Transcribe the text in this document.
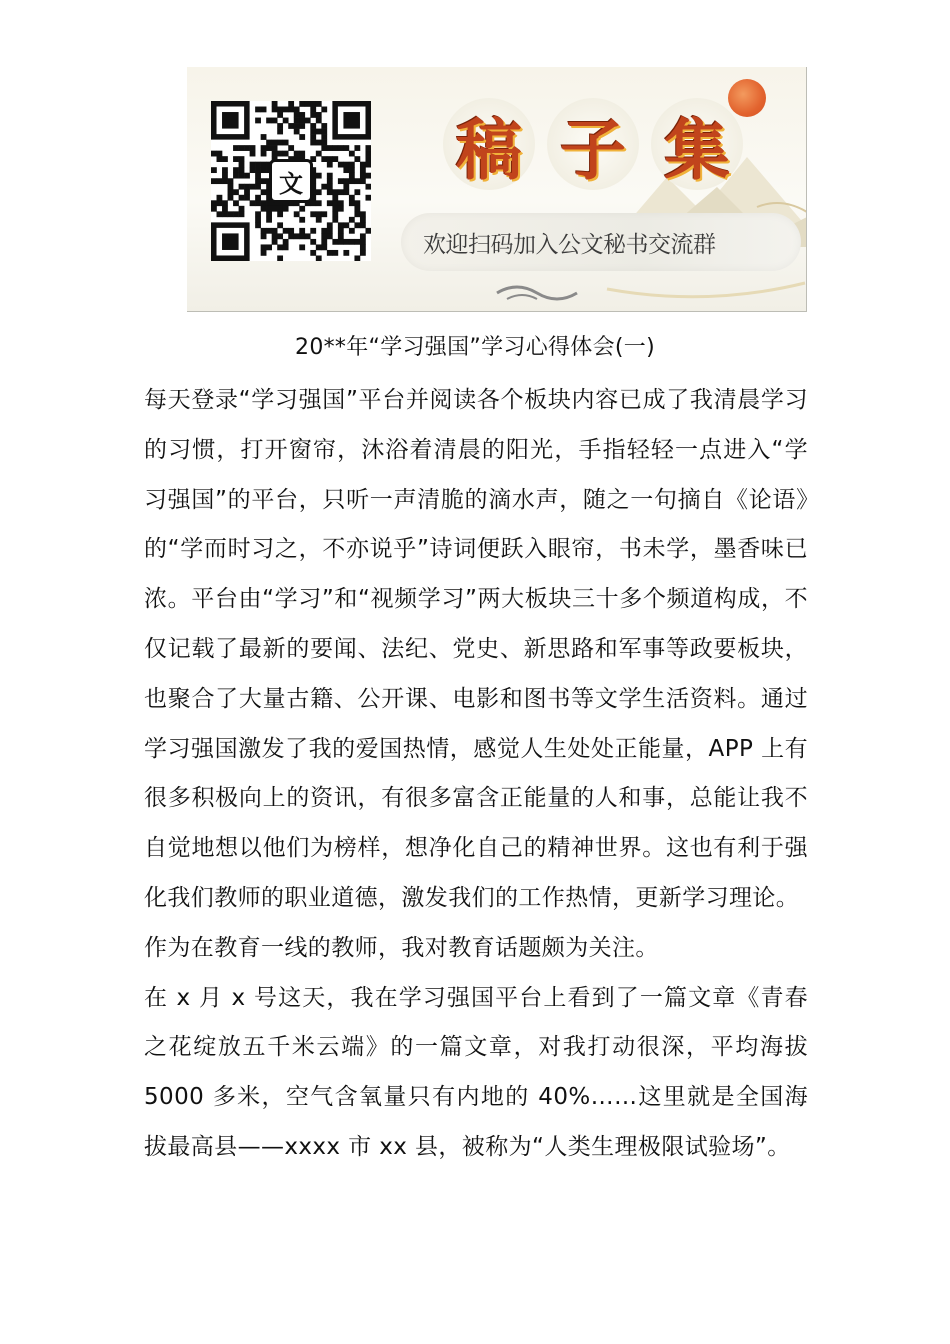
文 稿 子 集
欢迎扫码加入公文秘书交流群
20**年“学习强国”学习心得体会(一)

每天登录“学习强国”平台并阅读各个板块内容已成了我清晨学习的习惯，打开窗帘，沐浴着清晨的阳光，手指轻轻一点进入“学习强国”的平台，只听一声清脆的滴水声，随之一句摘自《论语》的“学而时习之，不亦说乎”诗词便跃入眼帘，书未学，墨香味已浓。平台由“学习”和“视频学习”两大板块三十多个频道构成，不仅记载了最新的要闻、法纪、党史、新思路和军事等政要板块，也聚合了大量古籍、公开课、电影和图书等文学生活资料。通过学习强国激发了我的爱国热情，感觉人生处处正能量，APP 上有很多积极向上的资讯，有很多富含正能量的人和事，总能让我不自觉地想以他们为榜样，想净化自己的精神世界。这也有利于强化我们教师的职业道德，激发我们的工作热情，更新学习理论。

作为在教育一线的教师，我对教育话题颇为关注。

在 x 月 x 号这天，我在学习强国平台上看到了一篇文章《青春之花绽放五千米云端》的一篇文章，对我打动很深，平均海拔 5000 多米，空气含氧量只有内地的 40%……这里就是全国海拔最高县——xxxx 市 xx 县，被称为“人类生理极限试验场”。
